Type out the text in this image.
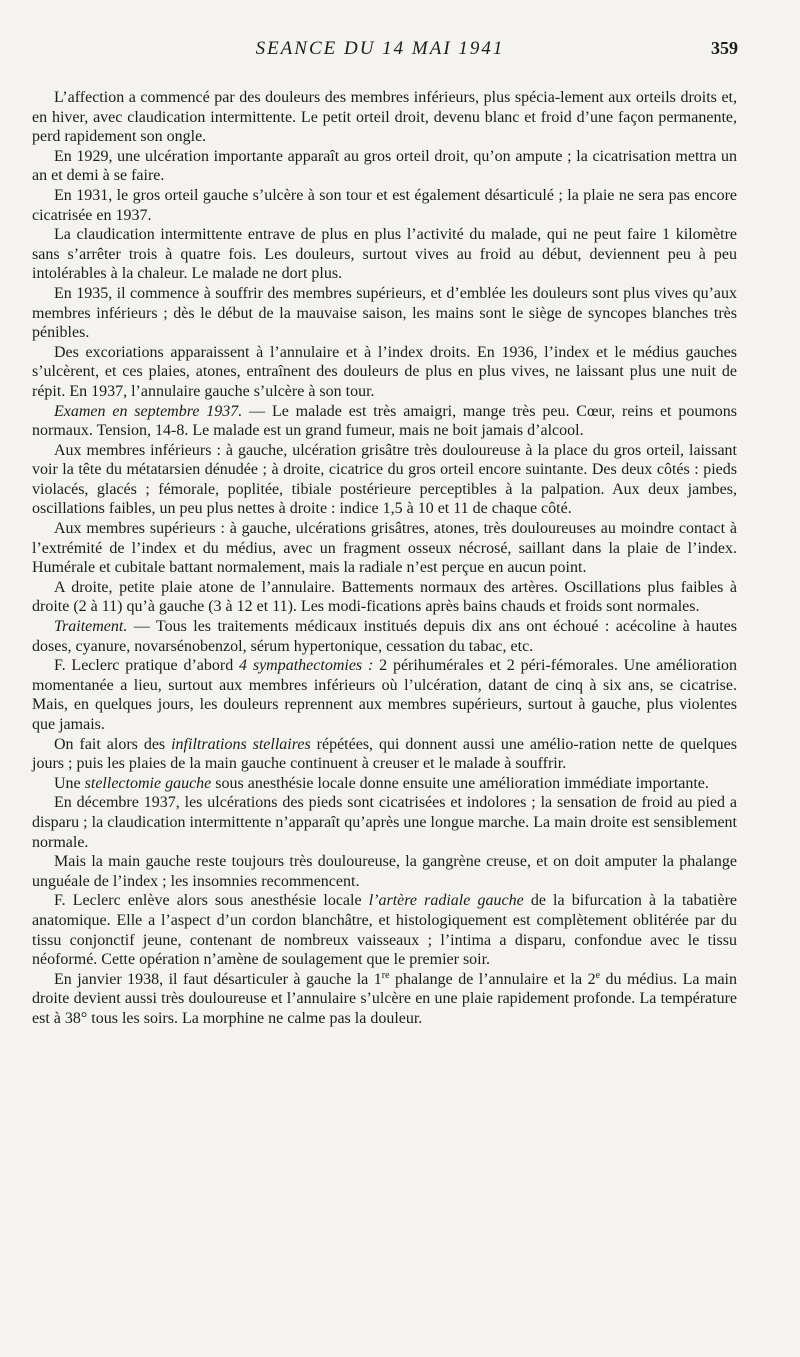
SEANCE DU 14 MAI 1941	359

L’affection a commencé par des douleurs des membres inférieurs, plus spécia-lement aux orteils droits et, en hiver, avec claudication intermittente. Le petit orteil droit, devenu blanc et froid d’une façon permanente, perd rapidement son ongle.

En 1929, une ulcération importante apparaît au gros orteil droit, qu’on ampute ; la cicatrisation mettra un an et demi à se faire.

En 1931, le gros orteil gauche s’ulcère à son tour et est également désarticulé ; la plaie ne sera pas encore cicatrisée en 1937.

La claudication intermittente entrave de plus en plus l’activité du malade, qui ne peut faire 1 kilomètre sans s’arrêter trois à quatre fois. Les douleurs, surtout vives au froid au début, deviennent peu à peu intolérables à la chaleur. Le malade ne dort plus.

En 1935, il commence à souffrir des membres supérieurs, et d’emblée les douleurs sont plus vives qu’aux membres inférieurs ; dès le début de la mauvaise saison, les mains sont le siège de syncopes blanches très pénibles.

Des excoriations apparaissent à l’annulaire et à l’index droits. En 1936, l’index et le médius gauches s’ulcèrent, et ces plaies, atones, entraînent des douleurs de plus en plus vives, ne laissant plus une nuit de répit. En 1937, l’annulaire gauche s’ulcère à son tour.

Examen en septembre 1937. — Le malade est très amaigri, mange très peu. Cœur, reins et poumons normaux. Tension, 14-8. Le malade est un grand fumeur, mais ne boit jamais d’alcool.

Aux membres inférieurs : à gauche, ulcération grisâtre très douloureuse à la place du gros orteil, laissant voir la tête du métatarsien dénudée ; à droite, cicatrice du gros orteil encore suintante. Des deux côtés : pieds violacés, glacés ; fémorale, poplitée, tibiale postérieure perceptibles à la palpation. Aux deux jambes, oscillations faibles, un peu plus nettes à droite : indice 1,5 à 10 et 11 de chaque côté.

Aux membres supérieurs : à gauche, ulcérations grisâtres, atones, très douloureuses au moindre contact à l’extrémité de l’index et du médius, avec un fragment osseux nécrosé, saillant dans la plaie de l’index. Humérale et cubitale battant normalement, mais la radiale n’est perçue en aucun point.

A droite, petite plaie atone de l’annulaire. Battements normaux des artères. Oscillations plus faibles à droite (2 à 11) qu’à gauche (3 à 12 et 11). Les modi-fications après bains chauds et froids sont normales.

Traitement. — Tous les traitements médicaux institués depuis dix ans ont échoué : acécoline à hautes doses, cyanure, novarsénobenzol, sérum hypertonique, cessation du tabac, etc.

F. Leclerc pratique d’abord 4 sympathectomies : 2 périhumérales et 2 péri-fémorales. Une amélioration momentanée a lieu, surtout aux membres inférieurs où l’ulcération, datant de cinq à six ans, se cicatrise. Mais, en quelques jours, les douleurs reprennent aux membres supérieurs, surtout à gauche, plus violentes que jamais.

On fait alors des infiltrations stellaires répétées, qui donnent aussi une amélio-ration nette de quelques jours ; puis les plaies de la main gauche continuent à creuser et le malade à souffrir.

Une stellectomie gauche sous anesthésie locale donne ensuite une amélioration immédiate importante.

En décembre 1937, les ulcérations des pieds sont cicatrisées et indolores ; la sensation de froid au pied a disparu ; la claudication intermittente n’apparaît qu’après une longue marche. La main droite est sensiblement normale.

Mais la main gauche reste toujours très douloureuse, la gangrène creuse, et on doit amputer la phalange unguéale de l’index ; les insomnies recommencent.

F. Leclerc enlève alors sous anesthésie locale l’artère radiale gauche de la bifurcation à la tabatière anatomique. Elle a l’aspect d’un cordon blanchâtre, et histologiquement est complètement oblitérée par du tissu conjonctif jeune, contenant de nombreux vaisseaux ; l’intima a disparu, confondue avec le tissu néoformé. Cette opération n’amène de soulagement que le premier soir.

En janvier 1938, il faut désarticuler à gauche la 1re phalange de l’annulaire et la 2e du médius. La main droite devient aussi très douloureuse et l’annulaire s’ulcère en une plaie rapidement profonde. La température est à 38° tous les soirs. La morphine ne calme pas la douleur.
